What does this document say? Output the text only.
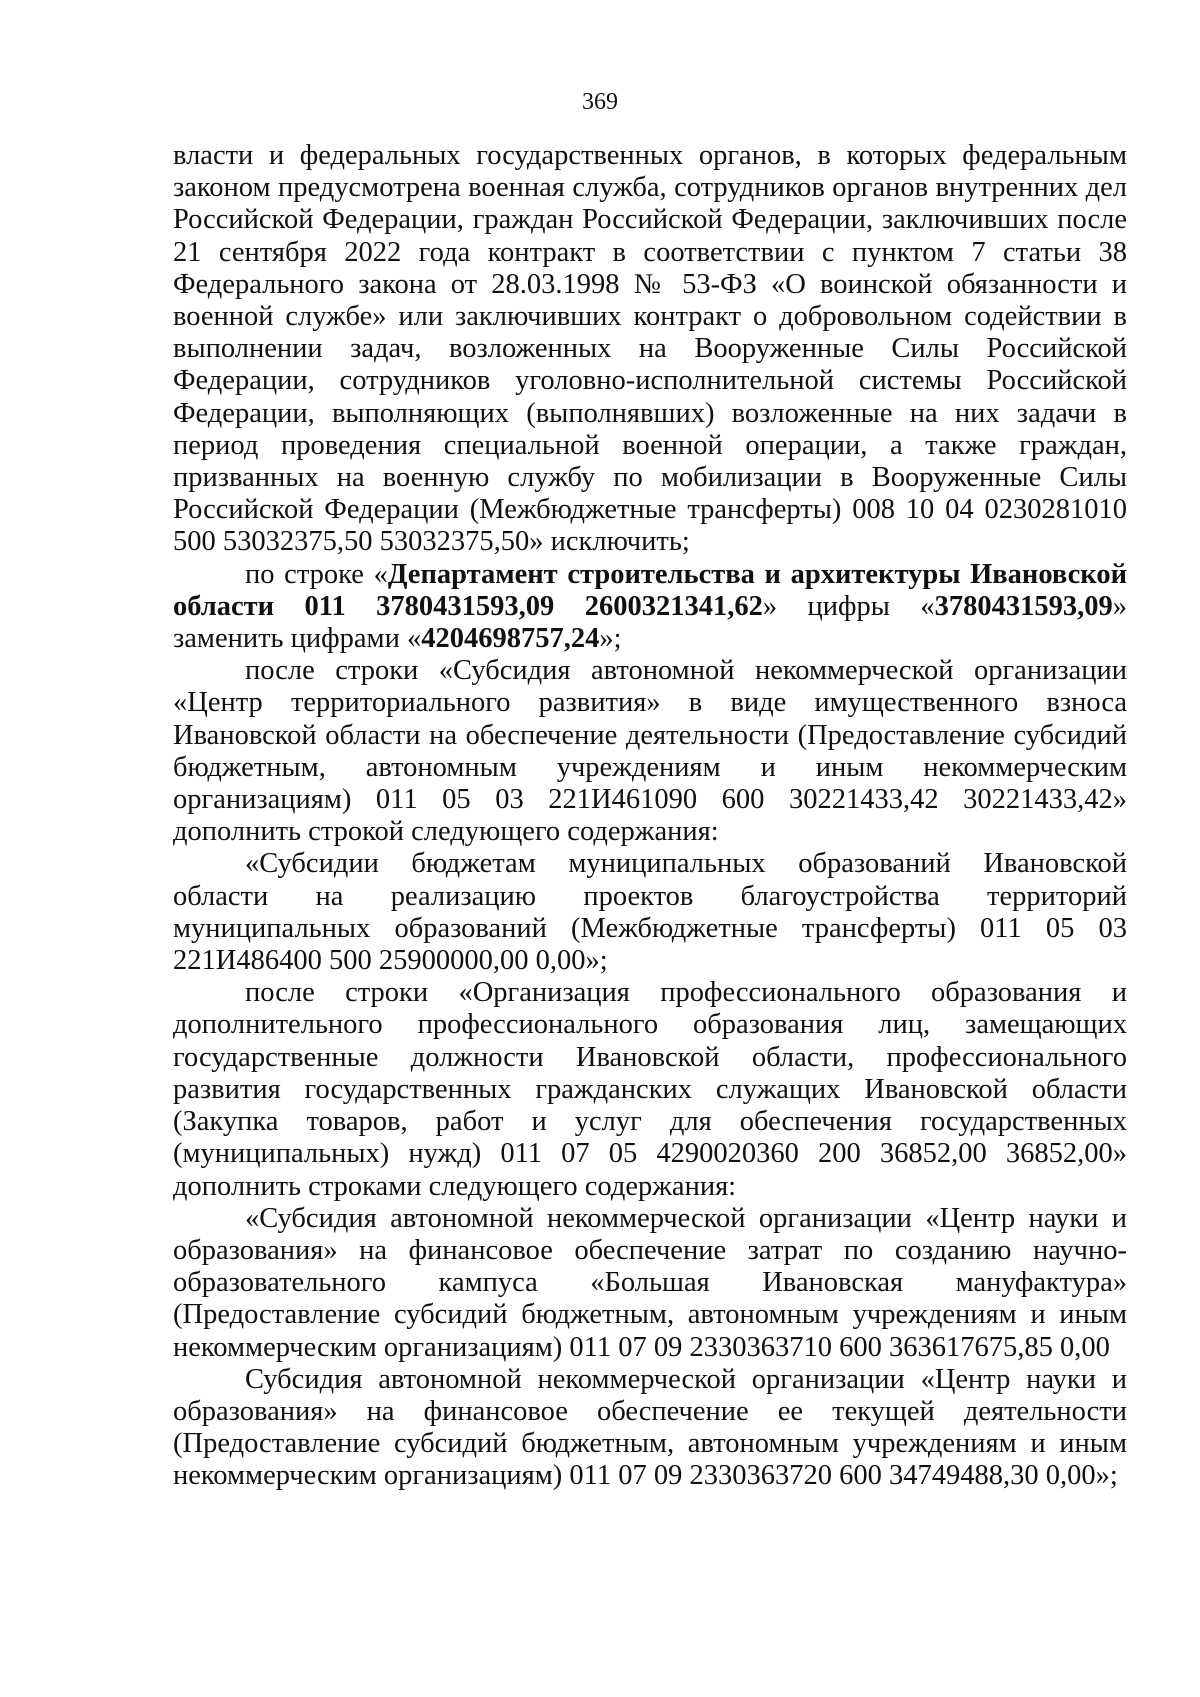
369

власти и федеральных государственных органов, в которых федеральным законом предусмотрена военная служба, сотрудников органов внутренних дел Российской Федерации, граждан Российской Федерации, заключивших после 21 сентября 2022 года контракт в соответствии с пунктом 7 статьи 38 Федерального закона от 28.03.1998 № 53-ФЗ «О воинской обязанности и военной службе» или заключивших контракт о добровольном содействии в выполнении задач, возложенных на Вооруженные Силы Российской Федерации, сотрудников уголовно-исполнительной системы Российской Федерации, выполняющих (выполнявших) возложенные на них задачи в период проведения специальной военной операции, а также граждан, призванных на военную службу по мобилизации в Вооруженные Силы Российской Федерации (Межбюджетные трансферты) 008 10 04 0230281010 500 53032375,50 53032375,50» исключить;

по строке «Департамент строительства и архитектуры Ивановской области 011 3780431593,09 2600321341,62» цифры «3780431593,09» заменить цифрами «4204698757,24»;

после строки «Субсидия автономной некоммерческой организации «Центр территориального развития» в виде имущественного взноса Ивановской области на обеспечение деятельности (Предоставление субсидий бюджетным, автономным учреждениям и иным некоммерческим организациям) 011 05 03 221И461090 600 30221433,42 30221433,42» дополнить строкой следующего содержания:

«Субсидии бюджетам муниципальных образований Ивановской области на реализацию проектов благоустройства территорий муниципальных образований (Межбюджетные трансферты) 011 05 03 221И486400 500 25900000,00 0,00»;

после строки «Организация профессионального образования и дополнительного профессионального образования лиц, замещающих государственные должности Ивановской области, профессионального развития государственных гражданских служащих Ивановской области (Закупка товаров, работ и услуг для обеспечения государственных (муниципальных) нужд) 011 07 05 4290020360 200 36852,00 36852,00» дополнить строками следующего содержания:

«Субсидия автономной некоммерческой организации «Центр науки и образования» на финансовое обеспечение затрат по созданию научно-образовательного кампуса «Большая Ивановская мануфактура» (Предоставление субсидий бюджетным, автономным учреждениям и иным некоммерческим организациям) 011 07 09 2330363710 600 363617675,85 0,00

Субсидия автономной некоммерческой организации «Центр науки и образования» на финансовое обеспечение ее текущей деятельности (Предоставление субсидий бюджетным, автономным учреждениям и иным некоммерческим организациям) 011 07 09 2330363720 600 34749488,30 0,00»;
